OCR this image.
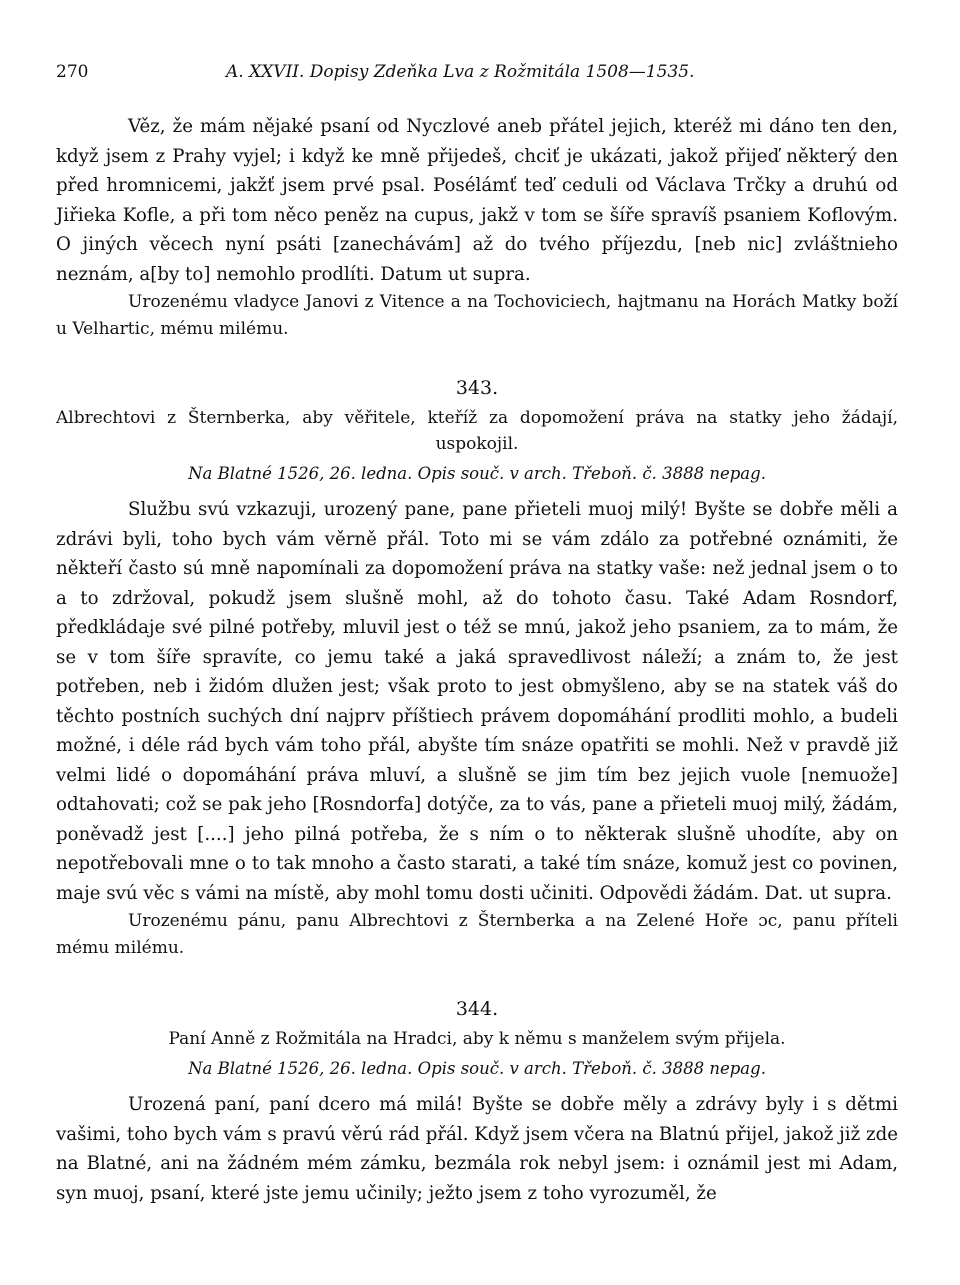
270	A. XXVII. Dopisy Zdeňka Lva z Rožmitála 1508—1535.

Věz, že mám nějaké psaní od Nyczlové aneb přátel jejich, kteréž mi dáno ten den, když jsem z Prahy vyjel; i když ke mně přijedeš, chciť je ukázati, jakož přijeď některý den před hromnicemi, jakžť jsem prvé psal. Posélámť teď ceduli od Václava Trčky a druhú od Jiřieka Kofle, a při tom něco peněz na cupus, jakž v tom se šíře spravíš psaniem Koflovým. O jiných věcech nyní psáti [zanechávám] až do tvého příjezdu, [neb nic] zvláštnieho neznám, a[by to] nemohlo prodlíti. Datum ut supra.

Urozenému vladyce Janovi z Vitence a na Tochoviciech, hajtmanu na Horách Matky boží u Velhartic, mému milému.

343.

Albrechtovi z Šternberka, aby věřitele, kteříž za dopomožení práva na statky jeho žádají, uspokojil.

Na Blatné 1526, 26. ledna. Opis souč. v arch. Třeboň. č. 3888 nepag.

Službu svú vzkazuji, urozený pane, pane přieteli muoj milý! Byšte se dobře měli a zdrávi byli, toho bych vám věrně přál. Toto mi se vám zdálo za potřebné oznámiti, že někteří často sú mně napomínali za dopomožení práva na statky vaše: než jednal jsem o to a to zdržoval, pokudž jsem slušně mohl, až do tohoto času. Také Adam Rosndorf, předkládaje své pilné potřeby, mluvil jest o též se mnú, jakož jeho psaniem, za to mám, že se v tom šíře spravíte, co jemu také a jaká spravedlivost náleží; a znám to, že jest potřeben, neb i židóm dlužen jest; však proto to jest obmyšleno, aby se na statek váš do těchto postních suchých dní najprv příštiech právem dopomáhání prodliti mohlo, a budeli možné, i déle rád bych vám toho přál, abyšte tím snáze opatřiti se mohli. Než v pravdě již velmi lidé o dopomáhání práva mluví, a slušně se jim tím bez jejich vuole [nemuože] odtahovati; což se pak jeho [Rosndorfa] dotýče, za to vás, pane a přieteli muoj milý, žádám, poněvadž jest [....] jeho pilná potřeba, že s ním o to některak slušně uhodíte, aby on nepotřebovali mne o to tak mnoho a často starati, a také tím snáze, komuž jest co povinen, maje svú věc s vámi na místě, aby mohl tomu dosti učiniti. Odpovědi žádám. Dat. ut supra.

Urozenému pánu, panu Albrechtovi z Šternberka a na Zelené Hoře ɔc, panu příteli mému milému.

344.

Paní Anně z Rožmitála na Hradci, aby k němu s manželem svým přijela.

Na Blatné 1526, 26. ledna. Opis souč. v arch. Třeboň. č. 3888 nepag.

Urozená paní, paní dcero má milá! Byšte se dobře měly a zdrávy byly i s dětmi vašimi, toho bych vám s pravú věrú rád přál. Když jsem včera na Blatnú přijel, jakož již zde na Blatné, ani na žádném mém zámku, bezmála rok nebyl jsem: i oznámil jest mi Adam, syn muoj, psaní, které jste jemu učinily; ježto jsem z toho vyrozuměl, že
